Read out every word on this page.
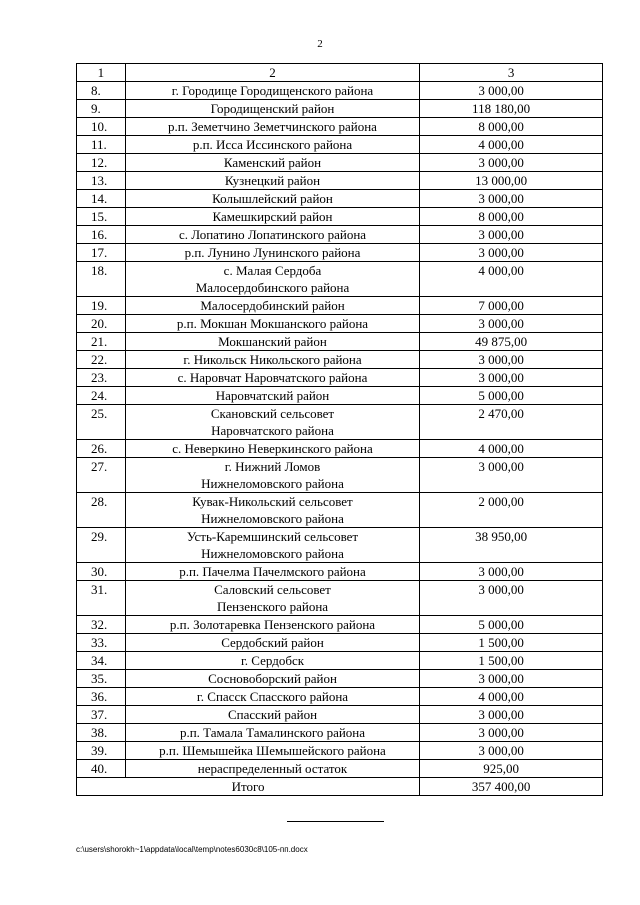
2
1	2	3
8.	г. Городище Городищенского района	3 000,00
9.	Городищенский район	118 180,00
10.	р.п. Земетчино Земетчинского района	8 000,00
11.	р.п. Исса Иссинского района	4 000,00
12.	Каменский район	3 000,00
13.	Кузнецкий район	13 000,00
14.	Колышлейский район	3 000,00
15.	Камешкирский район	8 000,00
16.	с. Лопатино Лопатинского района	3 000,00
17.	р.п. Лунино Лунинского района	3 000,00
18.	с. Малая Сердоба
Малосердобинского района	4 000,00
19.	Малосердобинский район	7 000,00
20.	р.п. Мокшан Мокшанского района	3 000,00
21.	Мокшанский район	49 875,00
22.	г. Никольск Никольского района	3 000,00
23.	с. Наровчат Наровчатского района	3 000,00
24.	Наровчатский район	5 000,00
25.	Скановский сельсовет
Наровчатского района	2 470,00
26.	с. Неверкино Неверкинского района	4 000,00
27.	г. Нижний Ломов
Нижнеломовского района	3 000,00
28.	Кувак-Никольский сельсовет
Нижнеломовского района	2 000,00
29.	Усть-Каремшинский сельсовет
Нижнеломовского района	38 950,00
30.	р.п. Пачелма Пачелмского района	3 000,00
31.	Саловский сельсовет
Пензенского района	3 000,00
32.	р.п. Золотаревка Пензенского района	5 000,00
33.	Сердобский район	1 500,00
34.	г. Сердобск	1 500,00
35.	Сосновоборский район	3 000,00
36.	г. Спасск Спасского района	4 000,00
37.	Спасский район	3 000,00
38.	р.п. Тамала Тамалинского района	3 000,00
39.	р.п. Шемышейка Шемышейского района	3 000,00
40.	нераспределенный остаток	925,00
Итого		357 400,00
c:\users\shorokh~1\appdata\local\temp\notes6030c8\105-пп.docx
